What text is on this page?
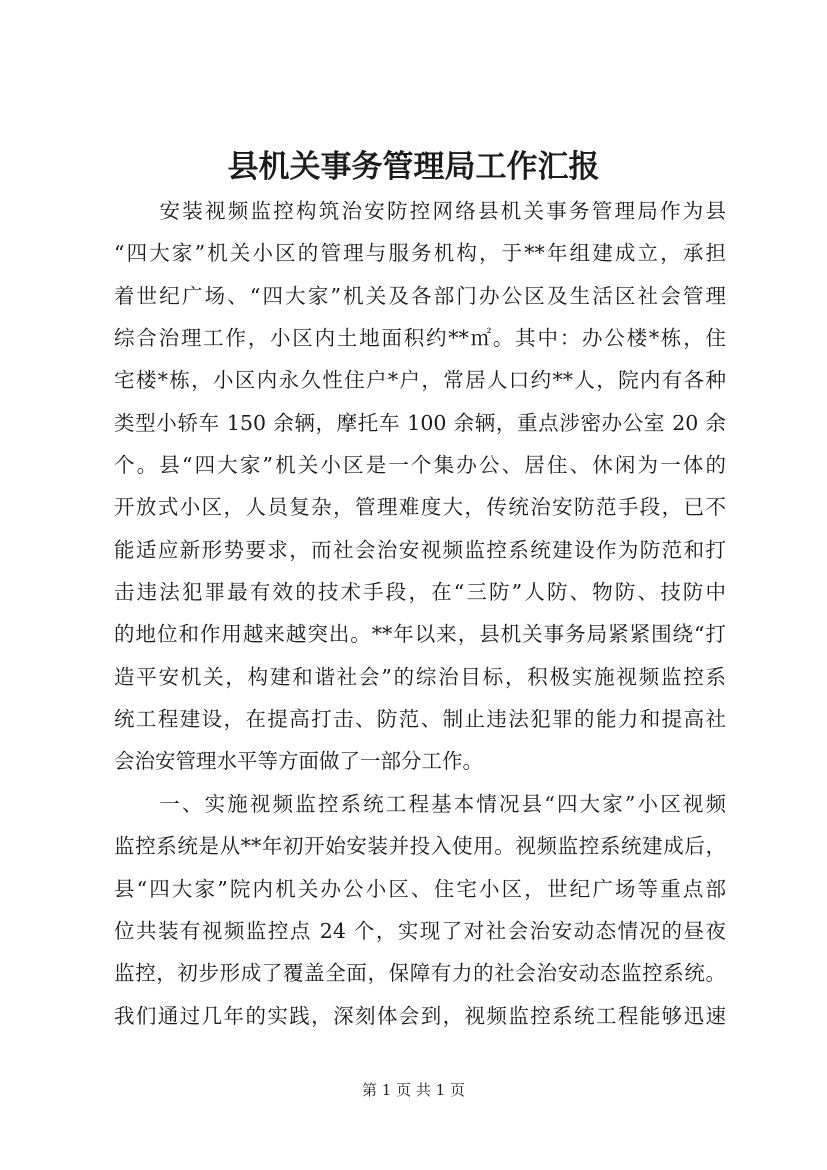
县机关事务管理局工作汇报
　　安装视频监控构筑治安防控网络县机关事务管理局作为县
“四大家”机关小区的管理与服务机构，于**年组建成立，承担
着世纪广场、“四大家”机关及各部门办公区及生活区社会管理
综合治理工作，小区内土地面积约**㎡。其中：办公楼*栋，住
宅楼*栋，小区内永久性住户*户，常居人口约**人，院内有各种
类型小轿车 150 余辆，摩托车 100 余辆，重点涉密办公室 20 余
个。县“四大家”机关小区是一个集办公、居住、休闲为一体的
开放式小区，人员复杂，管理难度大，传统治安防范手段，已不
能适应新形势要求，而社会治安视频监控系统建设作为防范和打
击违法犯罪最有效的技术手段，在“三防”人防、物防、技防中
的地位和作用越来越突出。**年以来，县机关事务局紧紧围绕“打
造平安机关，构建和谐社会”的综治目标，积极实施视频监控系
统工程建设，在提高打击、防范、制止违法犯罪的能力和提高社
会治安管理水平等方面做了一部分工作。
　　一、实施视频监控系统工程基本情况县“四大家”小区视频
监控系统是从**年初开始安装并投入使用。视频监控系统建成后，
县“四大家”院内机关办公小区、住宅小区，世纪广场等重点部
位共装有视频监控点 24 个，实现了对社会治安动态情况的昼夜
监控，初步形成了覆盖全面，保障有力的社会治安动态监控系统。
我们通过几年的实践，深刻体会到，视频监控系统工程能够迅速
第 1 页 共 1 页
